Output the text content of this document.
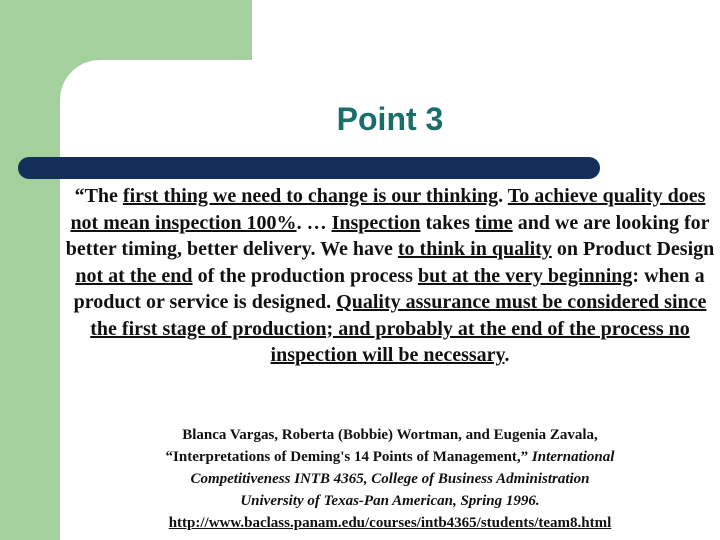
Point 3

“The first thing we need to change is our thinking. To achieve quality does not mean inspection 100%. … Inspection takes time and we are looking for better timing, better delivery. We have to think in quality on Product Design not at the end of the production process but at the very beginning: when a product or service is designed. Quality assurance must be considered since the first stage of production; and probably at the end of the process no inspection will be necessary.

Blanca Vargas, Roberta (Bobbie) Wortman, and Eugenia Zavala,
“Interpretations of Deming's 14 Points of Management,” International
Competitiveness INTB 4365, College of Business Administration
University of Texas-Pan American, Spring 1996.
http://www.baclass.panam.edu/courses/intb4365/students/team8.html
